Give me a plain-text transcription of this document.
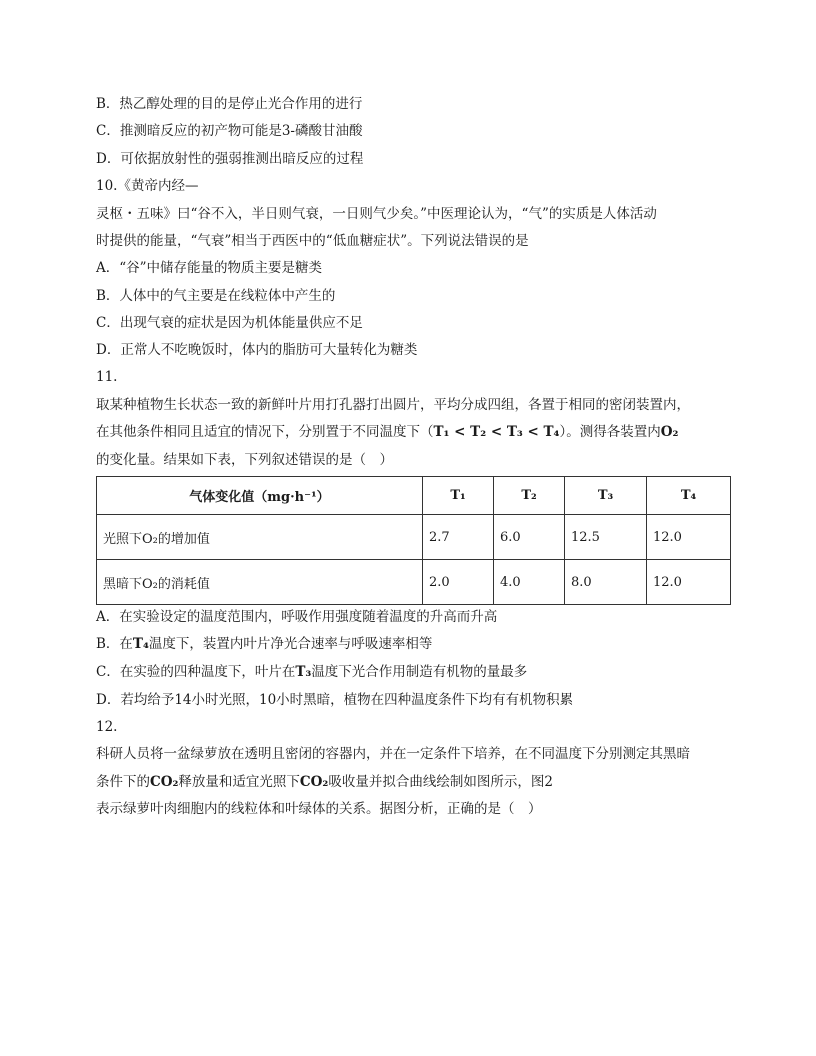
B．热乙醇处理的目的是停止光合作用的进行
C．推测暗反应的初产物可能是3-磷酸甘油酸
D．可依据放射性的强弱推测出暗反应的过程
10.《黄帝内经—
灵枢・五味》曰“谷不入，半日则气衰，一日则气少矣。”中医理论认为，“气”的实质是人体活动
时提供的能量，“气衰”相当于西医中的“低血糖症状”。下列说法错误的是
A．“谷”中储存能量的物质主要是糖类
B．人体中的气主要是在线粒体中产生的
C．出现气衰的症状是因为机体能量供应不足
D．正常人不吃晚饭时，体内的脂肪可大量转化为糖类
11.
取某种植物生长状态一致的新鲜叶片用打孔器打出圆片，平均分成四组，各置于相同的密闭装置内，
在其他条件相同且适宜的情况下，分别置于不同温度下（T₁ < T₂ < T₃ < T₄）。测得各装置内O₂
的变化量。结果如下表，下列叙述错误的是（　）
气体变化值（mg·h⁻¹）	T₁	T₂	T₃	T₄
光照下O₂的增加值	2.7	6.0	12.5	12.0
黑暗下O₂的消耗值	2.0	4.0	8.0	12.0
A．在实验设定的温度范围内，呼吸作用强度随着温度的升高而升高
B．在T₄温度下，装置内叶片净光合速率与呼吸速率相等
C．在实验的四种温度下，叶片在T₃温度下光合作用制造有机物的量最多
D．若均给予14小时光照，10小时黑暗，植物在四种温度条件下均有有机物积累
12.
科研人员将一盆绿萝放在透明且密闭的容器内，并在一定条件下培养，在不同温度下分别测定其黑暗
条件下的CO₂释放量和适宜光照下CO₂吸收量并拟合曲线绘制如图所示，图2
表示绿萝叶肉细胞内的线粒体和叶绿体的关系。据图分析，正确的是（　）
